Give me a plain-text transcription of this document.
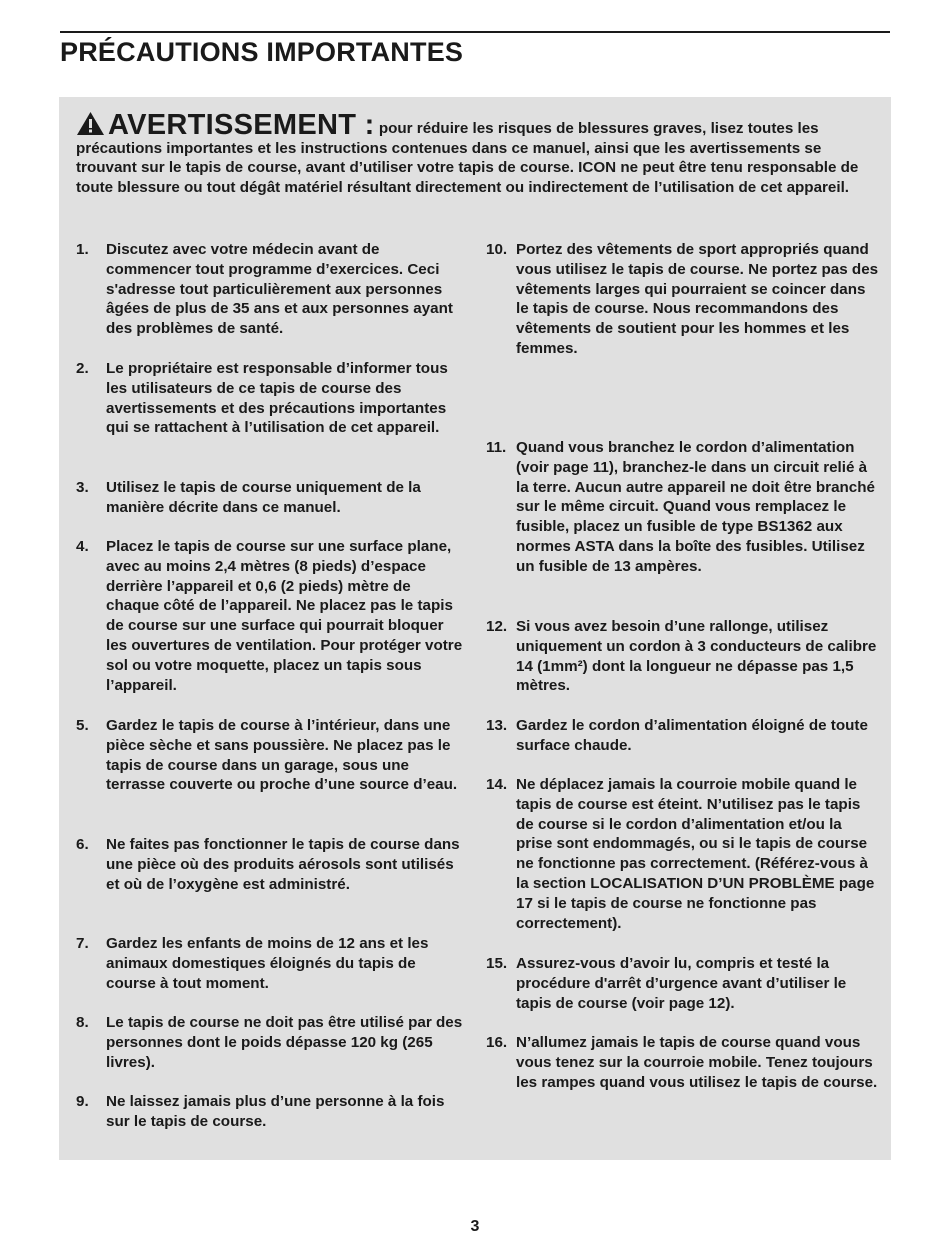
PRÉCAUTIONS IMPORTANTES
AVERTISSEMENT : pour réduire les risques de blessures graves, lisez toutes les précautions importantes et les instructions contenues dans ce manuel, ainsi que les avertissements se trouvant sur le tapis de course, avant d’utiliser votre tapis de course. ICON ne peut être tenu responsable de toute blessure ou tout dégât matériel résultant directement ou indirectement de l’utilisation de cet appareil.
1. Discutez avec votre médecin avant de commencer tout programme d’exercices. Ceci s'adresse tout particulièrement aux personnes âgées de plus de 35 ans et aux personnes ayant des problèmes de santé.
2. Le propriétaire est responsable d’informer tous les utilisateurs de ce tapis de course des avertissements et des précautions importantes qui se rattachent à l’utilisation de cet appareil.
3. Utilisez le tapis de course uniquement de la manière décrite dans ce manuel.
4. Placez le tapis de course sur une surface plane, avec au moins 2,4 mètres (8 pieds) d’espace derrière l’appareil et 0,6 (2 pieds) mètre de chaque côté de l’appareil. Ne placez pas le tapis de course sur une surface qui pourrait bloquer les ouvertures de ventilation. Pour protéger votre sol ou votre moquette, placez un tapis sous l’appareil.
5. Gardez le tapis de course à l’intérieur, dans une pièce sèche et sans poussière. Ne placez pas le tapis de course dans un garage, sous une terrasse couverte ou proche d’une source d’eau.
6. Ne faites pas fonctionner le tapis de course dans une pièce où des produits aérosols sont utilisés et où de l’oxygène est administré.
7. Gardez les enfants de moins de 12 ans et les animaux domestiques éloignés du tapis de course à tout moment.
8. Le tapis de course ne doit pas être utilisé par des personnes dont le poids dépasse 120 kg (265 livres).
9. Ne laissez jamais plus d’une personne à la fois sur le tapis de course.
10. Portez des vêtements de sport appropriés quand vous utilisez le tapis de course. Ne portez pas des vêtements larges qui pourraient se coincer dans le tapis de course. Nous recommandons des vêtements de soutient pour les hommes et les femmes.
11. Quand vous branchez le cordon d’alimentation (voir page 11), branchez-le dans un circuit relié à la terre. Aucun autre appareil ne doit être branché sur le même circuit. Quand vous remplacez le fusible, placez un fusible de type BS1362 aux normes ASTA dans la boîte des fusibles. Utilisez un fusible de 13 ampères.
12. Si vous avez besoin d’une rallonge, utilisez uniquement un cordon à 3 conducteurs de calibre 14 (1mm²) dont la longueur ne dépasse pas 1,5 mètres.
13. Gardez le cordon d’alimentation éloigné de toute surface chaude.
14. Ne déplacez jamais la courroie mobile quand le tapis de course est éteint. N’utilisez pas le tapis de course si le cordon d’alimentation et/ou la prise sont endommagés, ou si le tapis de course ne fonctionne pas correctement. (Référez-vous à la section LOCALISATION D’UN PROBLÈME page 17 si le tapis de course ne fonctionne pas correctement).
15. Assurez-vous d’avoir lu, compris et testé la procédure d'arrêt d’urgence avant d’utiliser le tapis de course (voir page 12).
16. N’allumez jamais le tapis de course quand vous vous tenez sur la courroie mobile. Tenez toujours les rampes quand vous utilisez le tapis de course.
3
